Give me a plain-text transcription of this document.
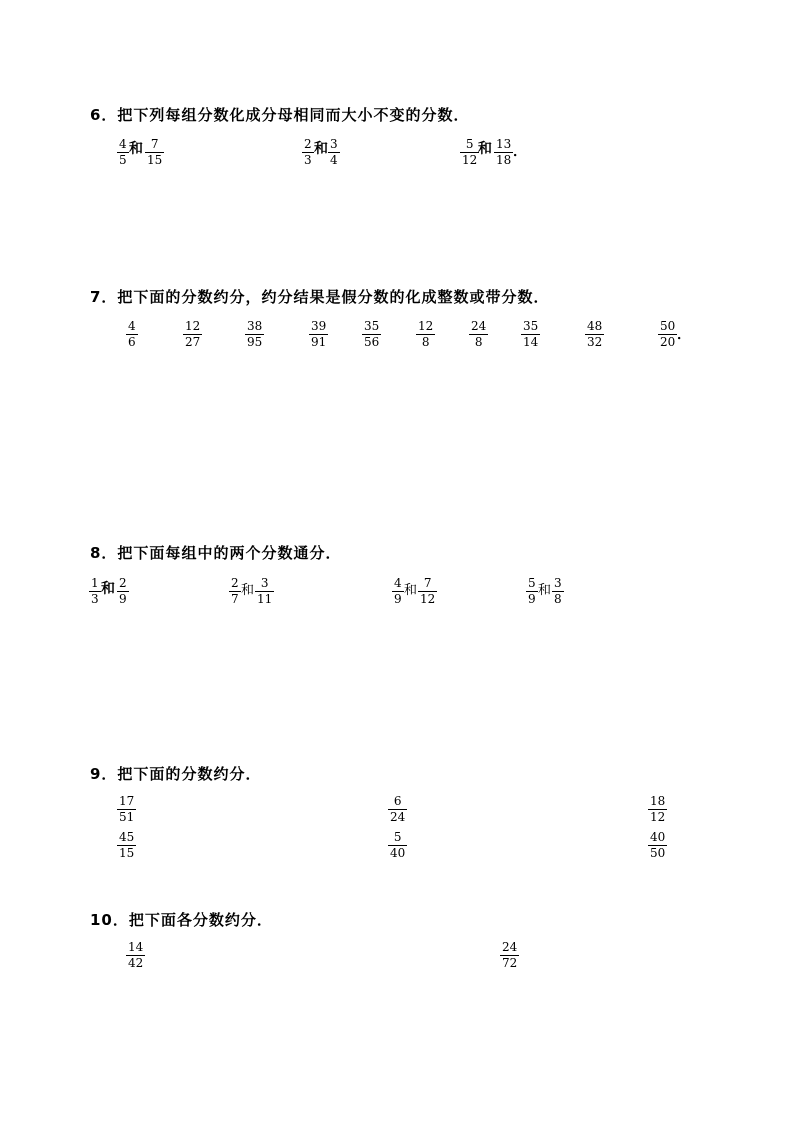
6．把下列每组分数化成分母相同而大小不变的分数．
4
5
和 7
15
2
3
和 3
4
5
12
和 13
18 ．
7．把下面的分数约分，约分结果是假分数的化成整数或带分数．
4
6
12
27
38
95
39
91
35
56
12
8
24
8
35
14
48
32
50
20 ．
8．把下面每组中的两个分数通分．
1
3
和 2
9
2
7
和 3
11
4
9
和 7
12
5
9
和 3
8
9．把下面的分数约分．
17
51
6
24
18
12
45
15
5
40
40
50
10．把下面各分数约分．
14
42
24
72
